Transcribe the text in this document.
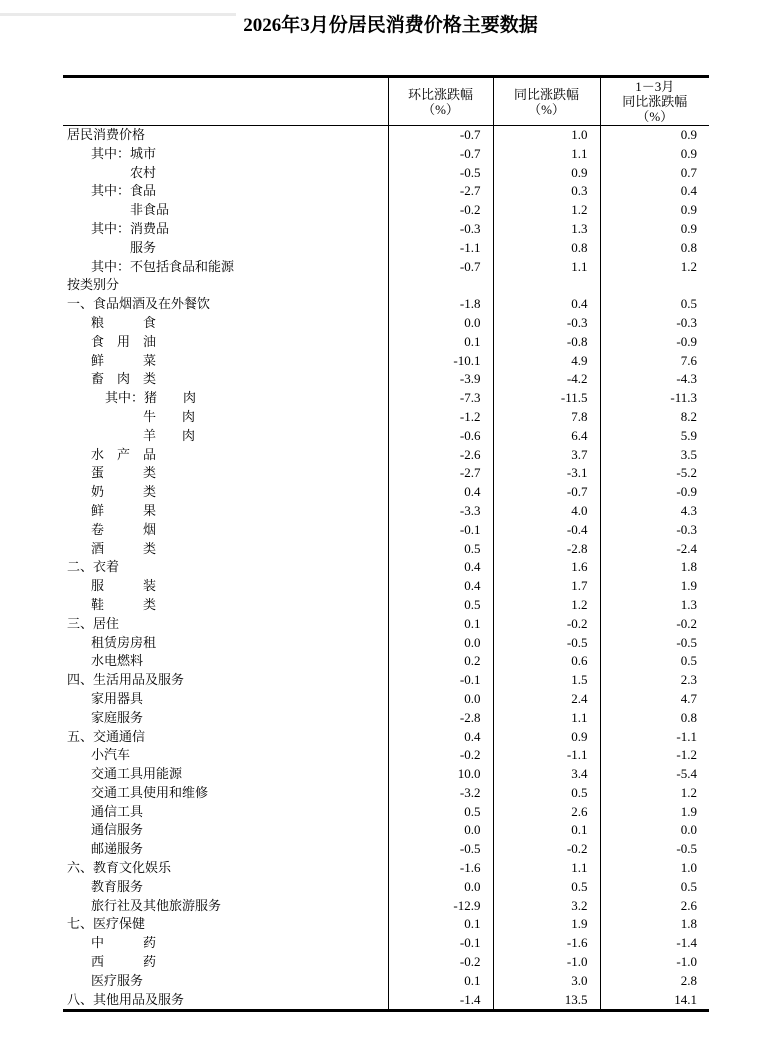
2026年3月份居民消费价格主要数据

环比涨跌幅
（%）

同比涨跌幅
（%）

1－3月
同比涨跌幅
（%）

居民消费价格	-0.7	1.0	0.9
其中：城市	-0.7	1.1	0.9
农村	-0.5	0.9	0.7
其中：食品	-2.7	0.3	0.4
非食品	-0.2	1.2	0.9
其中：消费品	-0.3	1.3	0.9
服务	-1.1	0.8	0.8
其中：不包括食品和能源	-0.7	1.1	1.2
按类别分			
一、食品烟酒及在外餐饮	-1.8	0.4	0.5
粮　　　食	0.0	-0.3	-0.3
食　用　油	0.1	-0.8	-0.9
鲜　　　菜	-10.1	4.9	7.6
畜　肉　类	-3.9	-4.2	-4.3
其中：猪　　肉	-7.3	-11.5	-11.3
牛　　肉	-1.2	7.8	8.2
羊　　肉	-0.6	6.4	5.9
水　产　品	-2.6	3.7	3.5
蛋　　　类	-2.7	-3.1	-5.2
奶　　　类	0.4	-0.7	-0.9
鲜　　　果	-3.3	4.0	4.3
卷　　　烟	-0.1	-0.4	-0.3
酒　　　类	0.5	-2.8	-2.4
二、衣着	0.4	1.6	1.8
服　　　装	0.4	1.7	1.9
鞋　　　类	0.5	1.2	1.3
三、居住	0.1	-0.2	-0.2
租赁房房租	0.0	-0.5	-0.5
水电燃料	0.2	0.6	0.5
四、生活用品及服务	-0.1	1.5	2.3
家用器具	0.0	2.4	4.7
家庭服务	-2.8	1.1	0.8
五、交通通信	0.4	0.9	-1.1
小汽车	-0.2	-1.1	-1.2
交通工具用能源	10.0	3.4	-5.4
交通工具使用和维修	-3.2	0.5	1.2
通信工具	0.5	2.6	1.9
通信服务	0.0	0.1	0.0
邮递服务	-0.5	-0.2	-0.5
六、教育文化娱乐	-1.6	1.1	1.0
教育服务	0.0	0.5	0.5
旅行社及其他旅游服务	-12.9	3.2	2.6
七、医疗保健	0.1	1.9	1.8
中　　　药	-0.1	-1.6	-1.4
西　　　药	-0.2	-1.0	-1.0
医疗服务	0.1	3.0	2.8
八、其他用品及服务	-1.4	13.5	14.1
